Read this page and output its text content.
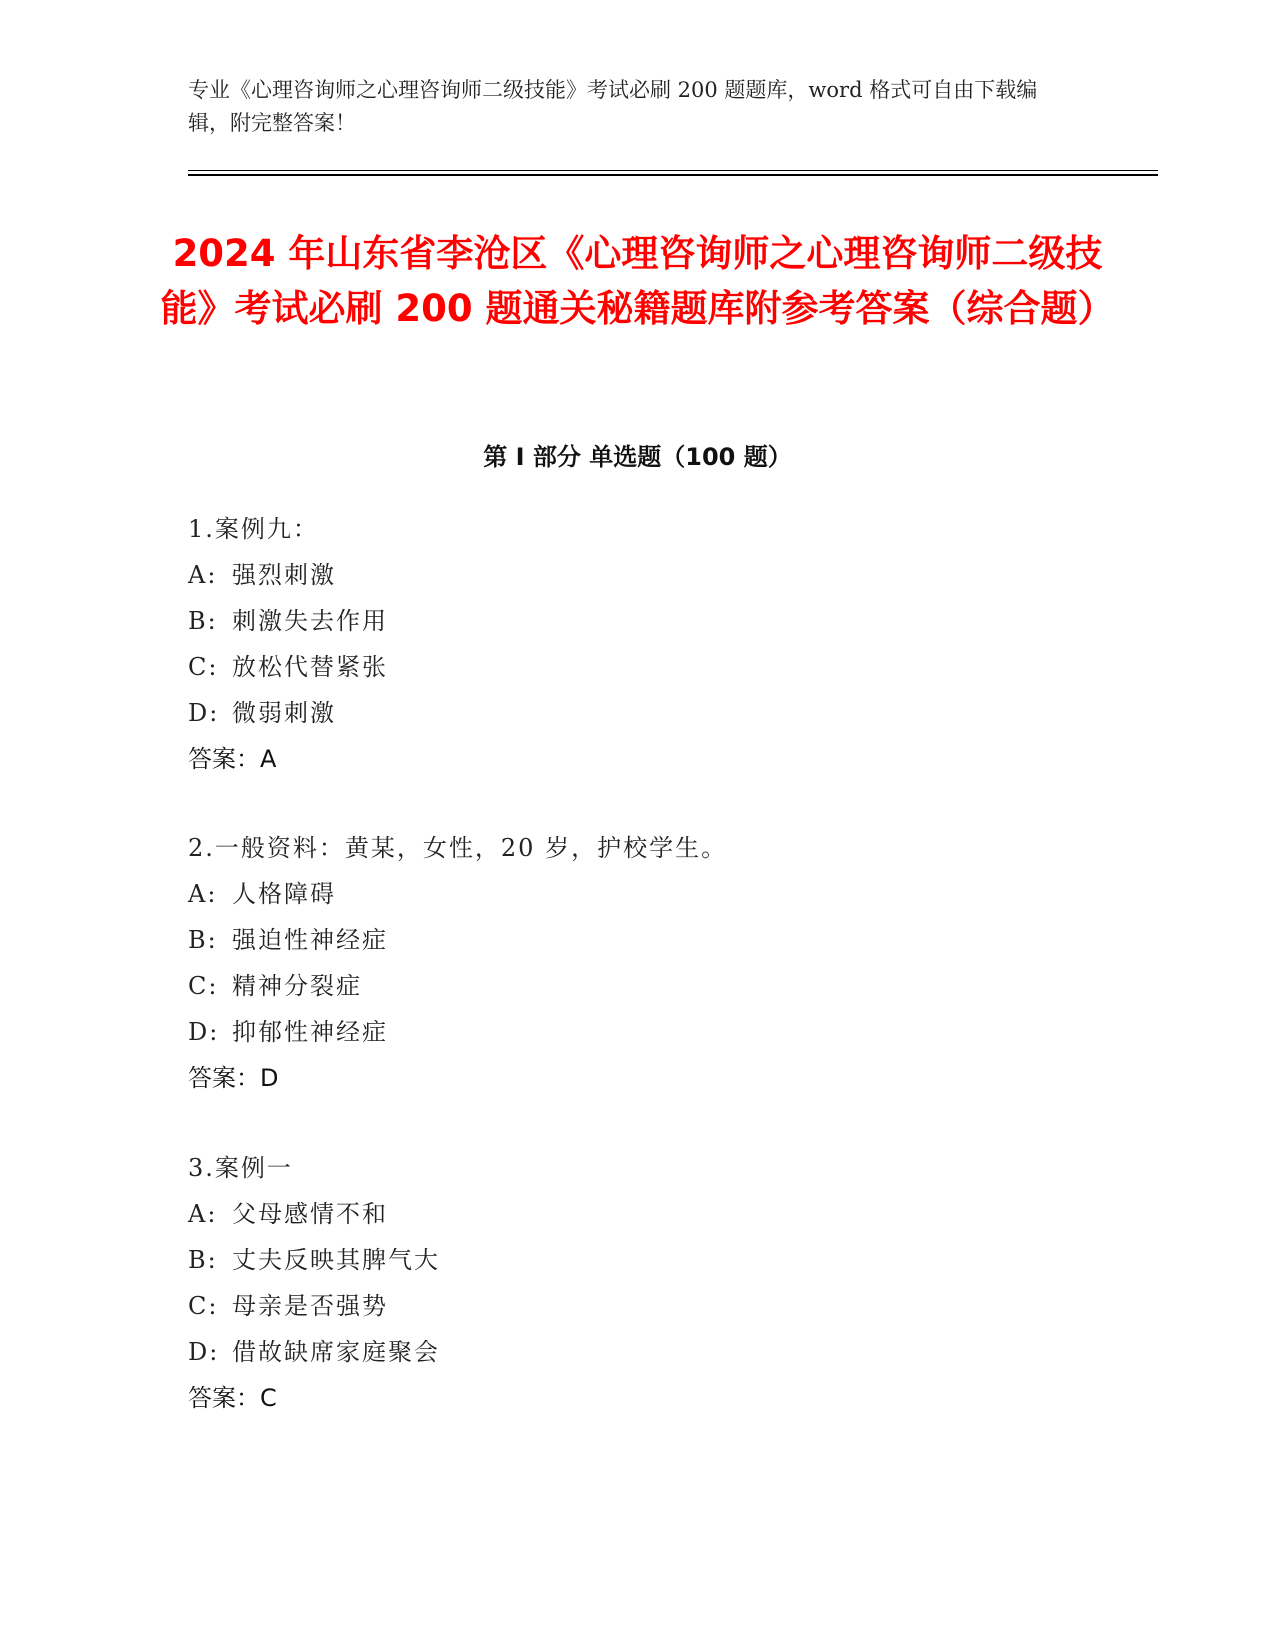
专业《心理咨询师之心理咨询师二级技能》考试必刷 200 题题库，word 格式可自由下载编辑，附完整答案！
2024 年山东省李沧区《心理咨询师之心理咨询师二级技能》考试必刷 200 题通关秘籍题库附参考答案（综合题）
第 I 部分 单选题（100 题）
1.案例九：
A: 强烈刺激
B: 刺激失去作用
C: 放松代替紧张
D: 微弱刺激
答案：A
2.一般资料：黄某，女性，20 岁，护校学生。
A: 人格障碍
B: 强迫性神经症
C: 精神分裂症
D: 抑郁性神经症
答案：D
3.案例一
A: 父母感情不和
B: 丈夫反映其脾气大
C: 母亲是否强势
D: 借故缺席家庭聚会
答案：C
